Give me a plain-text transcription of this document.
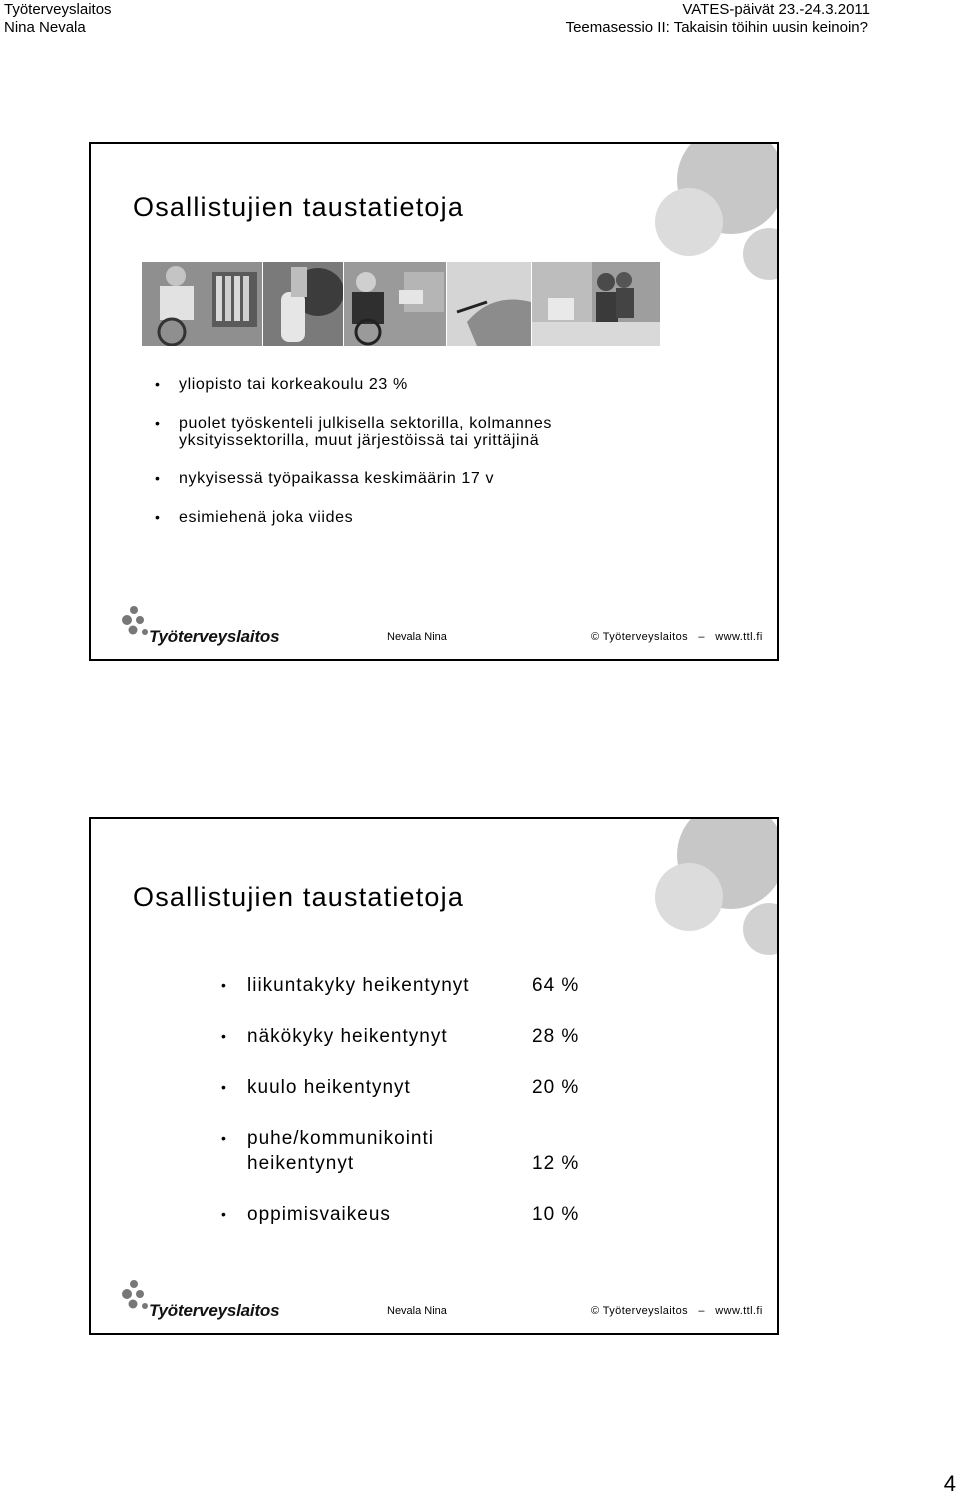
Työterveyslaitos
Nina Nevala
VATES-päivät 23.-24.3.2011
Teemasessio II: Takaisin töihin uusin keinoin?
Osallistujien taustatietoja
• yliopisto tai korkeakoulu 23 %
• puolet työskenteli julkisella sektorilla, kolmannes
yksityissektorilla, muut järjestöissä tai yrittäjinä
• nykyisessä työpaikassa keskimäärin 17 v
• esimiehenä joka viides
Työterveyslaitos	Nevala Nina	© Työterveyslaitos   –   www.ttl.fi
Osallistujien taustatietoja
• liikuntakyky heikentynyt	64 %
• näkökyky heikentynyt	28 %
• kuulo heikentynyt	20 %
• puhe/kommunikointi
heikentynyt	12 %
• oppimisvaikeus	10 %
Työterveyslaitos	Nevala Nina	© Työterveyslaitos   –   www.ttl.fi
4
